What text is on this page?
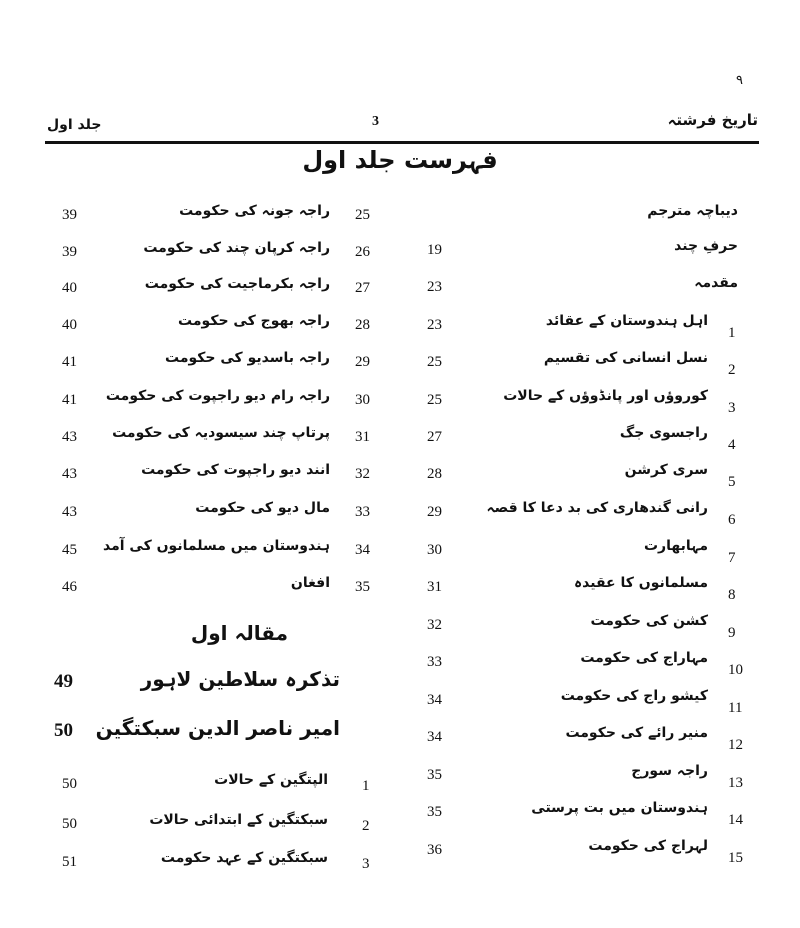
٩
تاریخ فرشتہ
3
جلد اول
فہرست جلد اول
دیباچہ مترجم
حرفِ چند
19
مقدمہ
23
1
اہل ہندوستان کے عقائد
23
2
نسل انسانی کی تقسیم
25
3
کوروؤں اور پانڈوؤں کے حالات
25
4
راجسوی جگ
27
5
سری کرشن
28
6
رانی گندھاری کی بد دعا کا قصہ
29
7
مہابھارت
30
8
مسلمانوں کا عقیدہ
31
9
کشن کی حکومت
32
10
مہاراج کی حکومت
33
11
کیشو راج کی حکومت
34
12
منیر رائے کی حکومت
34
13
راجہ سورج
35
14
ہندوستان میں بت پرستی
35
15
لہراج کی حکومت
36
25
راجہ جونہ کی حکومت
39
26
راجہ کرپان چند کی حکومت
39
27
راجہ بکرماجیت کی حکومت
40
28
راجہ بھوج کی حکومت
40
29
راجہ باسدیو کی حکومت
41
30
راجہ رام دیو راجپوت کی حکومت
41
31
پرتاپ چند سیسودیہ کی حکومت
43
32
انند دیو راجپوت کی حکومت
43
33
مال دیو کی حکومت
43
34
ہندوستان میں مسلمانوں کی آمد
45
35
افغان
46
مقالہ اول
تذکرہ سلاطین لاہور
49
امیر ناصر الدین سبکتگین
50
1
الپتگین کے حالات
50
2
سبکتگین کے ابتدائی حالات
50
3
سبکتگین کے عہد حکومت
51
